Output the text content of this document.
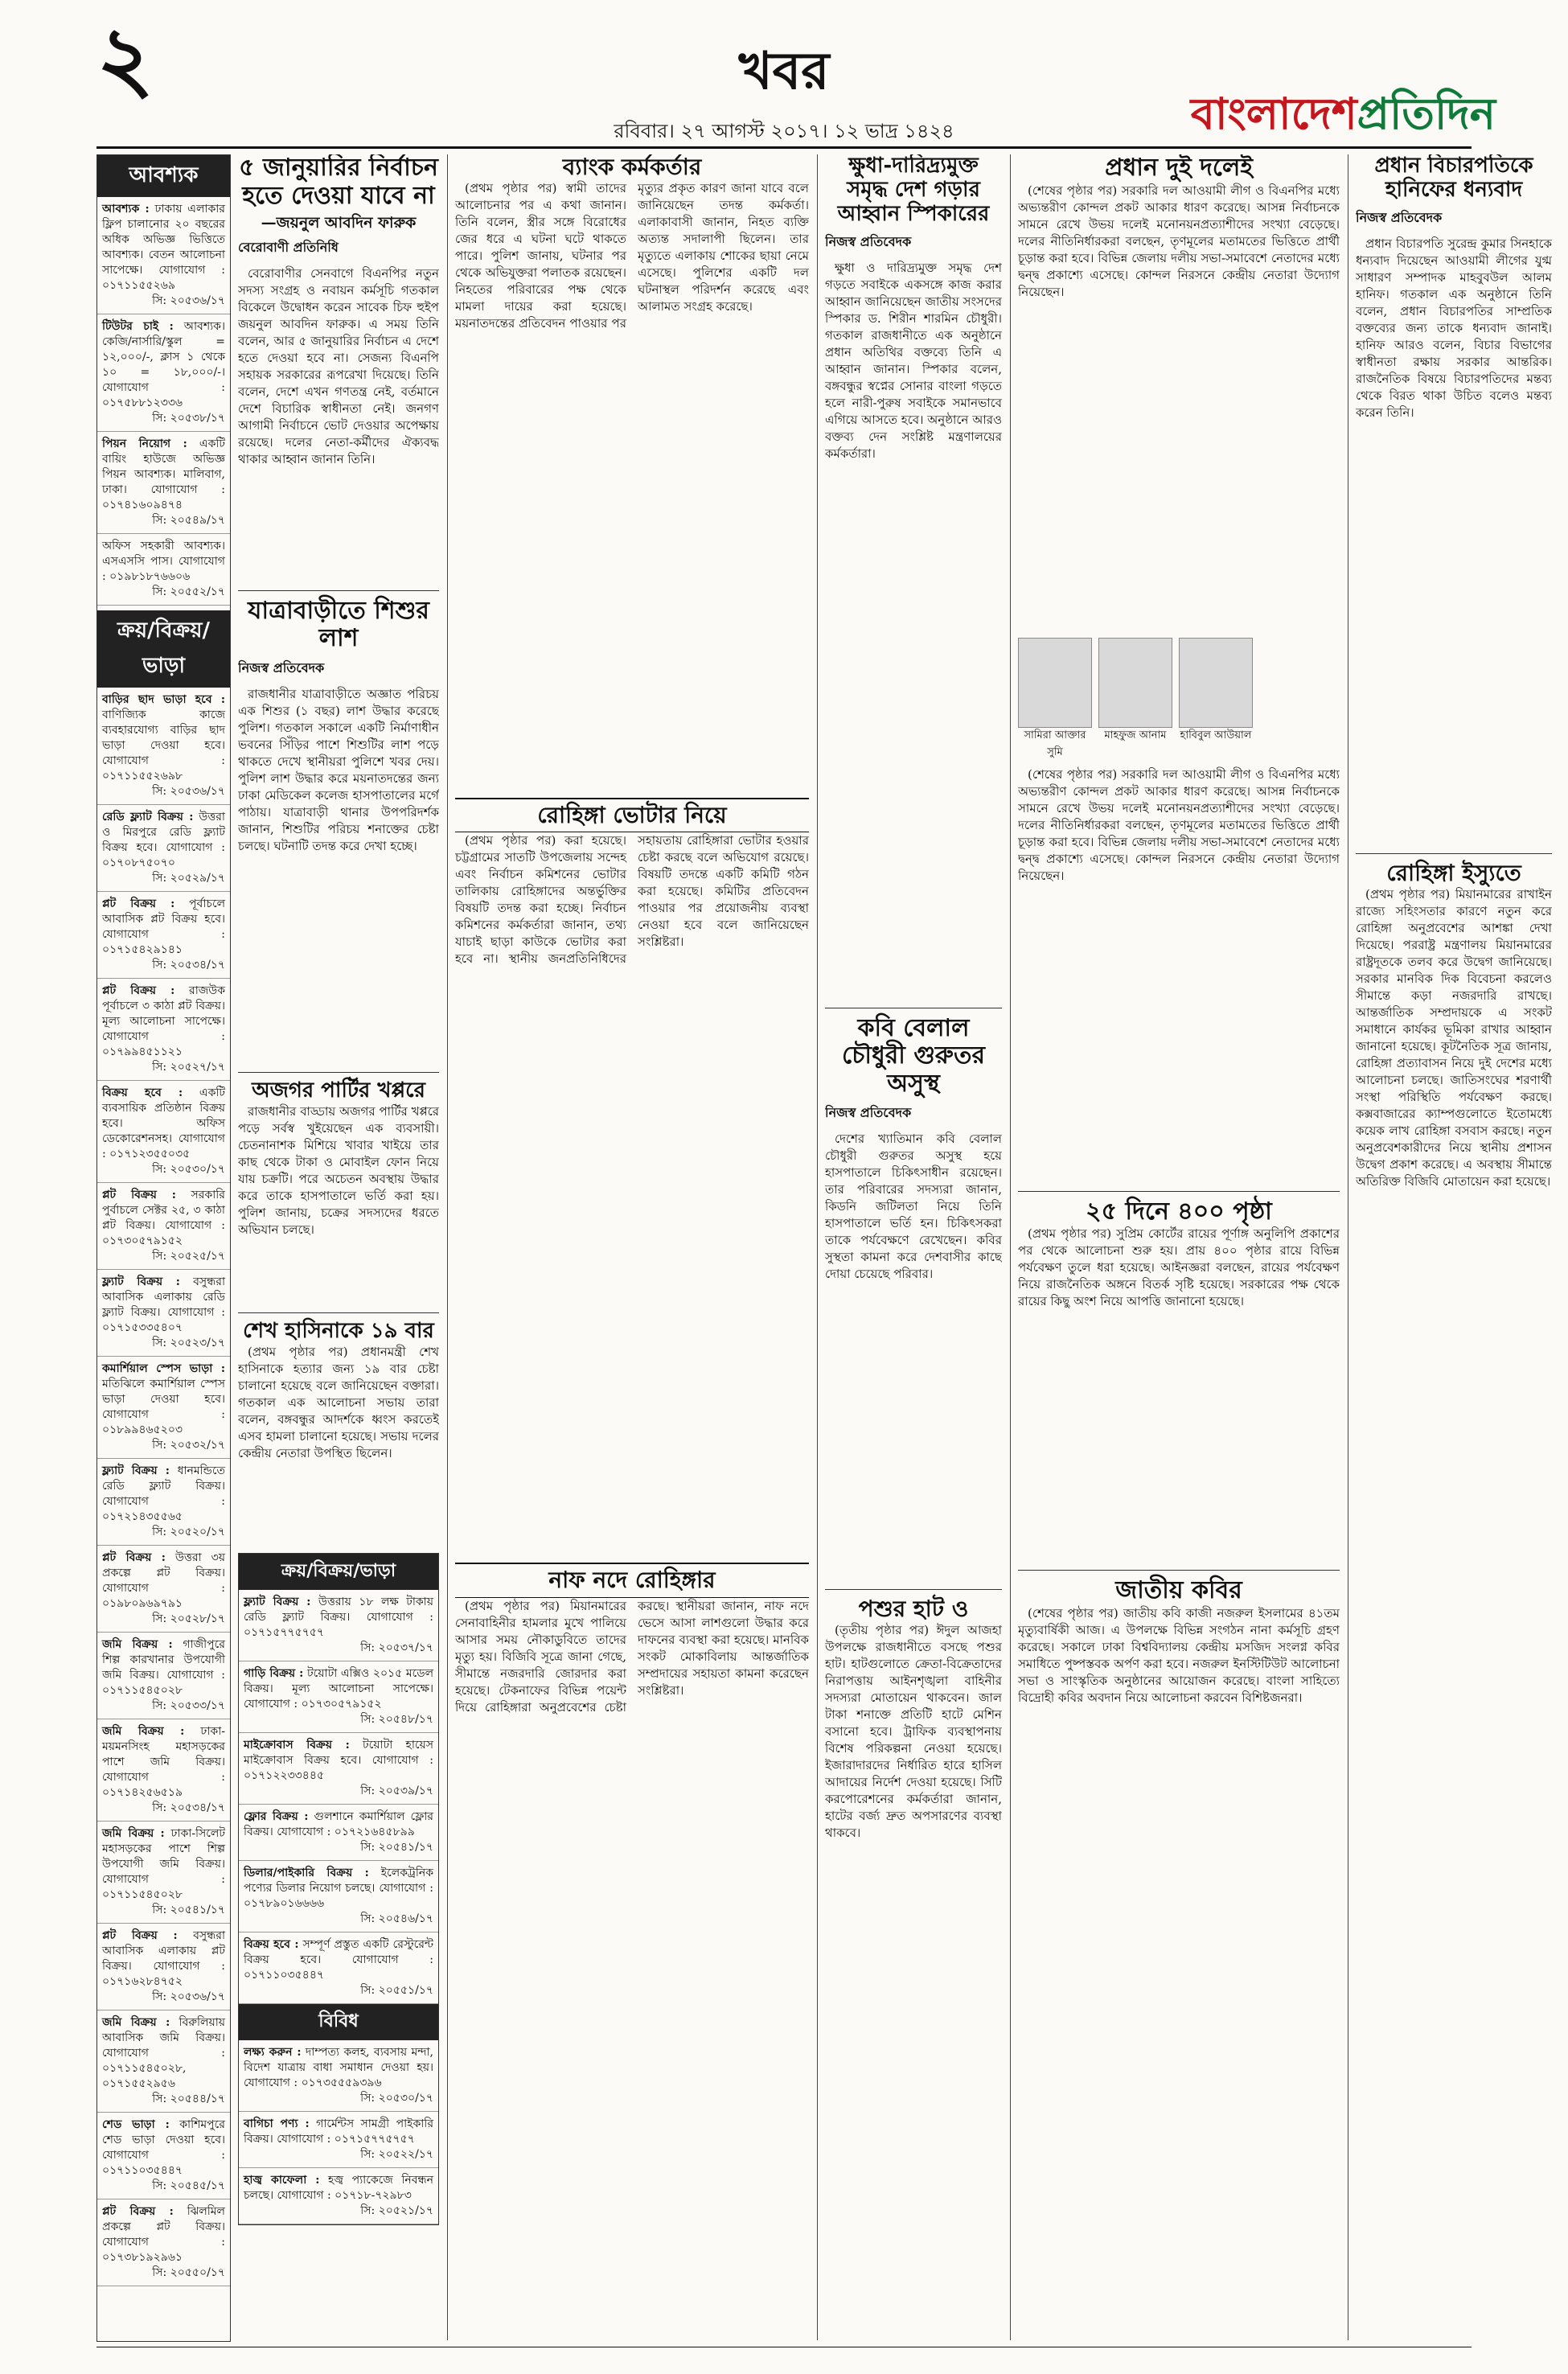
২	খবর
রবিবার। ২৭ আগস্ট ২০১৭। ১২ ভাদ্র ১৪২৪	বাংলাদেশপ্রতিদিন
আবশ্যক
আবশ্যক : ঢাকায় এলাকার ফ্লিপ চালানোর ২০ বছরের অধিক অভিজ্ঞ ভিত্তিতে আবশ্যক। বেতন আলোচনা সাপেক্ষে। যোগাযোগ : ০১৭১১৫৫২৬৯
সি: ২০৫৩৬/১৭
টিউটর চাই : আবশ্যক। কেজি/নার্সারি/স্কুল = ১২,০০০/-, ক্লাস ১ থেকে ১০ = ১৮,০০০/-। যোগাযোগ : ০১৭৫৮৮১২৩৩৬
সি: ২০৫৩৮/১৭
পিয়ন নিয়োগ : একটি বায়িং হাউজে অভিজ্ঞ পিয়ন আবশ্যক। মালিবাগ, ঢাকা। যোগাযোগ : ০১৭৪১৬০৯৪৭৪
সি: ২০৫৪৯/১৭
অফিস সহকারী আবশ্যক। এসএসসি পাস। যোগাযোগ : ০১৯৮১৮৭৬৬০৬
সি: ২০৫৫২/১৭
ক্রয়/বিক্রয়/ভাড়া
বাড়ির ছাদ ভাড়া হবে : বাণিজ্যিক কাজে ব্যবহারযোগ্য বাড়ির ছাদ ভাড়া দেওয়া হবে। যোগাযোগ : ০১৭১১৫৫২৬৯৮
সি: ২০৫৩৬/১৭
রেডি ফ্ল্যাট বিক্রয় : উত্তরা ও মিরপুরে রেডি ফ্ল্যাট বিক্রয় হবে। যোগাযোগ : ০১৭০৮৭৫০৭০
সি: ২০৫২৯/১৭
প্লট বিক্রয় : পূর্বাচলে আবাসিক প্লট বিক্রয় হবে। যোগাযোগ : ০১৭১৫৪২৯১৪১
সি: ২০৫৩৪/১৭
প্লট বিক্রয় : রাজউক পূর্বাচলে ৩ কাঠা প্লট বিক্রয়। মূল্য আলোচনা সাপেক্ষে। যোগাযোগ : ০১৭৯৯৪৫১১২১
সি: ২০৫২৭/১৭
বিক্রয় হবে : একটি ব্যবসায়িক প্রতিষ্ঠান বিক্রয় হবে। অফিস ডেকোরেশনসহ। যোগাযোগ : ০১৭১২৩৫৫০৩৫
সি: ২০৫৩০/১৭
প্লট বিক্রয় : সরকারি পুর্বাচলে সেক্টর ২৫, ৩ কাঠা প্লট বিক্রয়। যোগাযোগ : ০১৭৩০৫৭৯১৫২
সি: ২০৫২৫/১৭
ফ্ল্যাট বিক্রয় : বসুন্ধরা আবাসিক এলাকায় রেডি ফ্ল্যাট বিক্রয়। যোগাযোগ : ০১৭১৫৩৩৫৪০৭
সি: ২০৫২৩/১৭
কমার্শিয়াল স্পেস ভাড়া : মতিঝিলে কমার্শিয়াল স্পেস ভাড়া দেওয়া হবে। যোগাযোগ : ০১৮৯৯৪৬৫২০৩
সি: ২০৫৩২/১৭
ফ্ল্যাট বিক্রয় : ধানমন্ডিতে রেডি ফ্ল্যাট বিক্রয়। যোগাযোগ : ০১৭২১৪৩৫৫৬৫
সি: ২০৫২০/১৭
প্লট বিক্রয় : উত্তরা ৩য় প্রকল্পে প্লট বিক্রয়। যোগাযোগ : ০১৯৮০৯৬৯৭৯১
সি: ২০৫২৮/১৭
জমি বিক্রয় : গাজীপুরে শিল্প কারখানার উপযোগী জমি বিক্রয়। যোগাযোগ : ০১৭১১৫৪৫০২৮
সি: ২০৫৩৩/১৭
জমি বিক্রয় : ঢাকা-ময়মনসিংহ মহাসড়কের পাশে জমি বিক্রয়। যোগাযোগ : ০১৭১৪২৫৬৫১৯
সি: ২০৫৩৪/১৭
জমি বিক্রয় : ঢাকা-সিলেট মহাসড়কের পাশে শিল্প উপযোগী জমি বিক্রয়। যোগাযোগ : ০১৭১১৫৪৫০২৮
সি: ২০৫৪১/১৭
প্লট বিক্রয় : বসুন্ধরা আবাসিক এলাকায় প্লট বিক্রয়। যোগাযোগ : ০১৭১৬২৮৪৭৫২
সি: ২০৫৩৬/১৭
জমি বিক্রয় : বিরুলিয়ায় আবাসিক জমি বিক্রয়। যোগাযোগ : ০১৭১১৫৪৫০২৮, ০১৭১৫৫২৯৫৬
সি: ২০৫৪৪/১৭
শেড ভাড়া : কাশিমপুরে শেড ভাড়া দেওয়া হবে। যোগাযোগ : ০১৭১১০৩৫৪৪৭
সি: ২০৫৪৫/১৭
প্লট বিক্রয় : ঝিলমিল প্রকল্পে প্লট বিক্রয়। যোগাযোগ : ০১৭৩৮১৯২৯৬১
সি: ২০৫৫০/১৭
৫ জানুয়ারির নির্বাচন হতে দেওয়া যাবে না
—জয়নুল আবদিন ফারুক
বেরোবাণী প্রতিনিধি

বেরোবাণীর সেনবাগে বিএনপির নতুন সদস্য সংগ্রহ ও নবায়ন কর্মসূচি গতকাল বিকেলে উদ্বোধন করেন সাবেক চিফ হুইপ জয়নুল আবদিন ফারুক। এ সময় তিনি বলেন, আর ৫ জানুয়ারির নির্বাচন এ দেশে হতে দেওয়া হবে না। সেজন্য বিএনপি সহায়ক সরকারের রূপরেখা দিয়েছে। তিনি বলেন, দেশে এখন গণতন্ত্র নেই, বর্তমানে দেশে বিচারিক স্বাধীনতা নেই। জনগণ আগামী নির্বাচনে ভোট দেওয়ার অপেক্ষায় রয়েছে। দলের নেতা-কর্মীদের ঐক্যবদ্ধ থাকার আহ্বান জানান তিনি।

যাত্রাবাড়ীতে শিশুর লাশ
নিজস্ব প্রতিবেদক

রাজধানীর যাত্রাবাড়ীতে অজ্ঞাত পরিচয় এক শিশুর (১ বছর) লাশ উদ্ধার করেছে পুলিশ। গতকাল সকালে একটি নির্মাণাধীন ভবনের সিঁড়ির পাশে শিশুটির লাশ পড়ে থাকতে দেখে স্থানীয়রা পুলিশে খবর দেয়। পুলিশ লাশ উদ্ধার করে ময়নাতদন্তের জন্য ঢাকা মেডিকেল কলেজ হাসপাতালের মর্গে পাঠায়। যাত্রাবাড়ী থানার উপপরিদর্শক জানান, শিশুটির পরিচয় শনাক্তের চেষ্টা চলছে। ঘটনাটি তদন্ত করে দেখা হচ্ছে।

অজগর পার্টির খপ্পরে

রাজধানীর বাড্ডায় অজগর পার্টির খপ্পরে পড়ে সর্বস্ব খুইয়েছেন এক ব্যবসায়ী। চেতনানাশক মিশিয়ে খাবার খাইয়ে তার কাছ থেকে টাকা ও মোবাইল ফোন নিয়ে যায় চক্রটি। পরে অচেতন অবস্থায় উদ্ধার করে তাকে হাসপাতালে ভর্তি করা হয়। পুলিশ জানায়, চক্রের সদস্যদের ধরতে অভিযান চলছে।

শেখ হাসিনাকে ১৯ বার

(প্রথম পৃষ্ঠার পর) প্রধানমন্ত্রী শেখ হাসিনাকে হত্যার জন্য ১৯ বার চেষ্টা চালানো হয়েছে বলে জানিয়েছেন বক্তারা। গতকাল এক আলোচনা সভায় তারা বলেন, বঙ্গবন্ধুর আদর্শকে ধ্বংস করতেই এসব হামলা চালানো হয়েছে। সভায় দলের কেন্দ্রীয় নেতারা উপস্থিত ছিলেন।

ক্রয়/বিক্রয়/ভাড়া
ফ্ল্যাট বিক্রয় : উত্তরায় ১৮ লক্ষ টাকায় রেডি ফ্ল্যাট বিক্রয়। যোগাযোগ : ০১৭১৫৭৭৫৭৫৭
সি: ২০৫৩৭/১৭
গাড়ি বিক্রয় : টয়োটা এক্সিও ২০১৫ মডেল বিক্রয়। মূল্য আলোচনা সাপেক্ষে। যোগাযোগ : ০১৭৩০৫৭৯১৫২
সি: ২০৫৪৮/১৭
মাইক্রোবাস বিক্রয় : টয়োটা হায়েস মাইক্রোবাস বিক্রয় হবে। যোগাযোগ : ০১৭১২২৩৩৪৪৫
সি: ২০৫৩৯/১৭
ফ্লোর বিক্রয় : গুলশানে কমার্শিয়াল ফ্লোর বিক্রয়। যোগাযোগ : ০১৭২১৬৪৫৮৯৯
সি: ২০৫৪১/১৭
ডিলার/পাইকারি বিক্রয় : ইলেকট্রনিক পণ্যের ডিলার নিয়োগ চলছে। যোগাযোগ : ০১৭৮৯০১৬৬৬৬
সি: ২০৫৪৬/১৭
বিক্রয় হবে : সম্পূর্ণ প্রস্তুত একটি রেস্টুরেন্ট বিক্রয় হবে। যোগাযোগ : ০১৭১১০৩৫৪৪৭
সি: ২০৫৫১/১৭
বিবিধ
লক্ষ্য করুন : দাম্পত্য কলহ, ব্যবসায় মন্দা, বিদেশ যাত্রায় বাধা সমাধান দেওয়া হয়। যোগাযোগ : ০১৭৩৫৫৫৯৩৯৬
সি: ২০৫৩০/১৭
বাগিচা পণ্য : গার্মেন্টস সামগ্রী পাইকারি বিক্রয়। যোগাযোগ : ০১৭১৫৭৭৫৭৫৭
সি: ২০৫২২/১৭
হাজ্ব কাফেলা : হজ্ব প্যাকেজে নিবন্ধন চলছে। যোগাযোগ : ০১৭১৮-৭২৯৮৩
সি: ২০৫২১/১৭
ব্যাংক কর্মকর্তার

(প্রথম পৃষ্ঠার পর) স্বামী তাদের আলোচনার পর এ কথা জানান। তিনি বলেন, স্ত্রীর সঙ্গে বিরোধের জের ধরে এ ঘটনা ঘটে থাকতে পারে। পুলিশ জানায়, ঘটনার পর থেকে অভিযুক্তরা পলাতক রয়েছেন। নিহতের পরিবারের পক্ষ থেকে মামলা দায়ের করা হয়েছে। ময়নাতদন্তের প্রতিবেদন পাওয়ার পর মৃত্যুর প্রকৃত কারণ জানা যাবে বলে জানিয়েছেন তদন্ত কর্মকর্তা। এলাকাবাসী জানান, নিহত ব্যক্তি অত্যন্ত সদালাপী ছিলেন। তার মৃত্যুতে এলাকায় শোকের ছায়া নেমে এসেছে। পুলিশের একটি দল ঘটনাস্থল পরিদর্শন করেছে এবং আলামত সংগ্রহ করেছে।

রোহিঙ্গা ভোটার নিয়ে

(প্রথম পৃষ্ঠার পর) করা হয়েছে। চট্টগ্রামের সাতটি উপজেলায় সন্দেহ এবং নির্বাচন কমিশনের ভোটার তালিকায় রোহিঙ্গাদের অন্তর্ভুক্তির বিষয়টি তদন্ত করা হচ্ছে। নির্বাচন কমিশনের কর্মকর্তারা জানান, তথ্য যাচাই ছাড়া কাউকে ভোটার করা হবে না। স্থানীয় জনপ্রতিনিধিদের সহায়তায় রোহিঙ্গারা ভোটার হওয়ার চেষ্টা করছে বলে অভিযোগ রয়েছে। বিষয়টি তদন্তে একটি কমিটি গঠন করা হয়েছে। কমিটির প্রতিবেদন পাওয়ার পর প্রয়োজনীয় ব্যবস্থা নেওয়া হবে বলে জানিয়েছেন সংশ্লিষ্টরা।

নাফ নদে রোহিঙ্গার

(প্রথম পৃষ্ঠার পর) মিয়ানমারের সেনাবাহিনীর হামলার মুখে পালিয়ে আসার সময় নৌকাডুবিতে তাদের মৃত্যু হয়। বিজিবি সূত্রে জানা গেছে, সীমান্তে নজরদারি জোরদার করা হয়েছে। টেকনাফের বিভিন্ন পয়েন্ট দিয়ে রোহিঙ্গারা অনুপ্রবেশের চেষ্টা করছে। স্থানীয়রা জানান, নাফ নদে ভেসে আসা লাশগুলো উদ্ধার করে দাফনের ব্যবস্থা করা হয়েছে। মানবিক সংকট মোকাবিলায় আন্তর্জাতিক সম্প্রদায়ের সহায়তা কামনা করেছেন সংশ্লিষ্টরা।

ক্ষুধা-দারিদ্র্যমুক্ত সমৃদ্ধ দেশ গড়ার আহ্বান স্পিকারের
নিজস্ব প্রতিবেদক

ক্ষুধা ও দারিদ্র্যমুক্ত সমৃদ্ধ দেশ গড়তে সবাইকে একসঙ্গে কাজ করার আহ্বান জানিয়েছেন জাতীয় সংসদের স্পিকার ড. শিরীন শারমিন চৌধুরী। গতকাল রাজধানীতে এক অনুষ্ঠানে প্রধান অতিথির বক্তব্যে তিনি এ আহ্বান জানান। স্পিকার বলেন, বঙ্গবন্ধুর স্বপ্নের সোনার বাংলা গড়তে হলে নারী-পুরুষ সবাইকে সমানভাবে এগিয়ে আসতে হবে। অনুষ্ঠানে আরও বক্তব্য দেন সংশ্লিষ্ট মন্ত্রণালয়ের কর্মকর্তারা।

কবি বেলাল চৌধুরী গুরুতর অসুস্থ
নিজস্ব প্রতিবেদক

দেশের খ্যাতিমান কবি বেলাল চৌধুরী গুরুতর অসুস্থ হয়ে হাসপাতালে চিকিৎসাধীন রয়েছেন। তার পরিবারের সদস্যরা জানান, কিডনি জটিলতা নিয়ে তিনি হাসপাতালে ভর্তি হন। চিকিৎসকরা তাকে পর্যবেক্ষণে রেখেছেন। কবির সুস্থতা কামনা করে দেশবাসীর কাছে দোয়া চেয়েছে পরিবার।

পশুর হাট ও

(তৃতীয় পৃষ্ঠার পর) ঈদুল আজহা উপলক্ষে রাজধানীতে বসছে পশুর হাট। হাটগুলোতে ক্রেতা-বিক্রেতাদের নিরাপত্তায় আইনশৃঙ্খলা বাহিনীর সদস্যরা মোতায়েন থাকবেন। জাল টাকা শনাক্তে প্রতিটি হাটে মেশিন বসানো হবে। ট্রাফিক ব্যবস্থাপনায় বিশেষ পরিকল্পনা নেওয়া হয়েছে। ইজারাদারদের নির্ধারিত হারে হাসিল আদায়ের নির্দেশ দেওয়া হয়েছে। সিটি করপোরেশনের কর্মকর্তারা জানান, হাটের বর্জ্য দ্রুত অপসারণের ব্যবস্থা থাকবে।

প্রধান দুই দলেই

(শেষের পৃষ্ঠার পর) সরকারি দল আওয়ামী লীগ ও বিএনপির মধ্যে অভ্যন্তরীণ কোন্দল প্রকট আকার ধারণ করেছে। আসন্ন নির্বাচনকে সামনে রেখে উভয় দলেই মনোনয়নপ্রত্যাশীদের সংখ্যা বেড়েছে। দলের নীতিনির্ধারকরা বলছেন, তৃণমূলের মতামতের ভিত্তিতে প্রার্থী চূড়ান্ত করা হবে। বিভিন্ন জেলায় দলীয় সভা-সমাবেশে নেতাদের মধ্যে দ্বন্দ্ব প্রকাশ্যে এসেছে। কোন্দল নিরসনে কেন্দ্রীয় নেতারা উদ্যোগ নিয়েছেন।

সামিরা আক্তার সুমি
মাহফুজ আনাম	হাবিবুল আউয়াল

(শেষের পৃষ্ঠার পর) সরকারি দল আওয়ামী লীগ ও বিএনপির মধ্যে অভ্যন্তরীণ কোন্দল প্রকট আকার ধারণ করেছে। আসন্ন নির্বাচনকে সামনে রেখে উভয় দলেই মনোনয়নপ্রত্যাশীদের সংখ্যা বেড়েছে। দলের নীতিনির্ধারকরা বলছেন, তৃণমূলের মতামতের ভিত্তিতে প্রার্থী চূড়ান্ত করা হবে। বিভিন্ন জেলায় দলীয় সভা-সমাবেশে নেতাদের মধ্যে দ্বন্দ্ব প্রকাশ্যে এসেছে। কোন্দল নিরসনে কেন্দ্রীয় নেতারা উদ্যোগ নিয়েছেন।

২৫ দিনে ৪০০ পৃষ্ঠা

(প্রথম পৃষ্ঠার পর) সুপ্রিম কোর্টের রায়ের পূর্ণাঙ্গ অনুলিপি প্রকাশের পর থেকে আলোচনা শুরু হয়। প্রায় ৪০০ পৃষ্ঠার রায়ে বিভিন্ন পর্যবেক্ষণ তুলে ধরা হয়েছে। আইনজ্ঞরা বলছেন, রায়ের পর্যবেক্ষণ নিয়ে রাজনৈতিক অঙ্গনে বিতর্ক সৃষ্টি হয়েছে। সরকারের পক্ষ থেকে রায়ের কিছু অংশ নিয়ে আপত্তি জানানো হয়েছে।

জাতীয় কবির

(শেষের পৃষ্ঠার পর) জাতীয় কবি কাজী নজরুল ইসলামের ৪১তম মৃত্যুবার্ষিকী আজ। এ উপলক্ষে বিভিন্ন সংগঠন নানা কর্মসূচি গ্রহণ করেছে। সকালে ঢাকা বিশ্ববিদ্যালয় কেন্দ্রীয় মসজিদ সংলগ্ন কবির সমাধিতে পুষ্পস্তবক অর্পণ করা হবে। নজরুল ইনস্টিটিউট আলোচনা সভা ও সাংস্কৃতিক অনুষ্ঠানের আয়োজন করেছে। বাংলা সাহিত্যে বিদ্রোহী কবির অবদান নিয়ে আলোচনা করবেন বিশিষ্টজনরা।

প্রধান বিচারপতিকে হানিফের ধন্যবাদ
নিজস্ব প্রতিবেদক

প্রধান বিচারপতি সুরেন্দ্র কুমার সিনহাকে ধন্যবাদ দিয়েছেন আওয়ামী লীগের যুগ্ম সাধারণ সম্পাদক মাহবুবউল আলম হানিফ। গতকাল এক অনুষ্ঠানে তিনি বলেন, প্রধান বিচারপতির সাম্প্রতিক বক্তব্যের জন্য তাকে ধন্যবাদ জানাই। হানিফ আরও বলেন, বিচার বিভাগের স্বাধীনতা রক্ষায় সরকার আন্তরিক। রাজনৈতিক বিষয়ে বিচারপতিদের মন্তব্য থেকে বিরত থাকা উচিত বলেও মন্তব্য করেন তিনি।

রোহিঙ্গা ইস্যুতে

(প্রথম পৃষ্ঠার পর) মিয়ানমারের রাখাইন রাজ্যে সহিংসতার কারণে নতুন করে রোহিঙ্গা অনুপ্রবেশের আশঙ্কা দেখা দিয়েছে। পররাষ্ট্র মন্ত্রণালয় মিয়ানমারের রাষ্ট্রদূতকে তলব করে উদ্বেগ জানিয়েছে। সরকার মানবিক দিক বিবেচনা করলেও সীমান্তে কড়া নজরদারি রাখছে। আন্তর্জাতিক সম্প্রদায়কে এ সংকট সমাধানে কার্যকর ভূমিকা রাখার আহ্বান জানানো হয়েছে। কূটনৈতিক সূত্র জানায়, রোহিঙ্গা প্রত্যাবাসন নিয়ে দুই দেশের মধ্যে আলোচনা চলছে। জাতিসংঘের শরণার্থী সংস্থা পরিস্থিতি পর্যবেক্ষণ করছে। কক্সবাজারের ক্যাম্পগুলোতে ইতোমধ্যে কয়েক লাখ রোহিঙ্গা বসবাস করছে। নতুন অনুপ্রবেশকারীদের নিয়ে স্থানীয় প্রশাসন উদ্বেগ প্রকাশ করেছে। এ অবস্থায় সীমান্তে অতিরিক্ত বিজিবি মোতায়েন করা হয়েছে।
